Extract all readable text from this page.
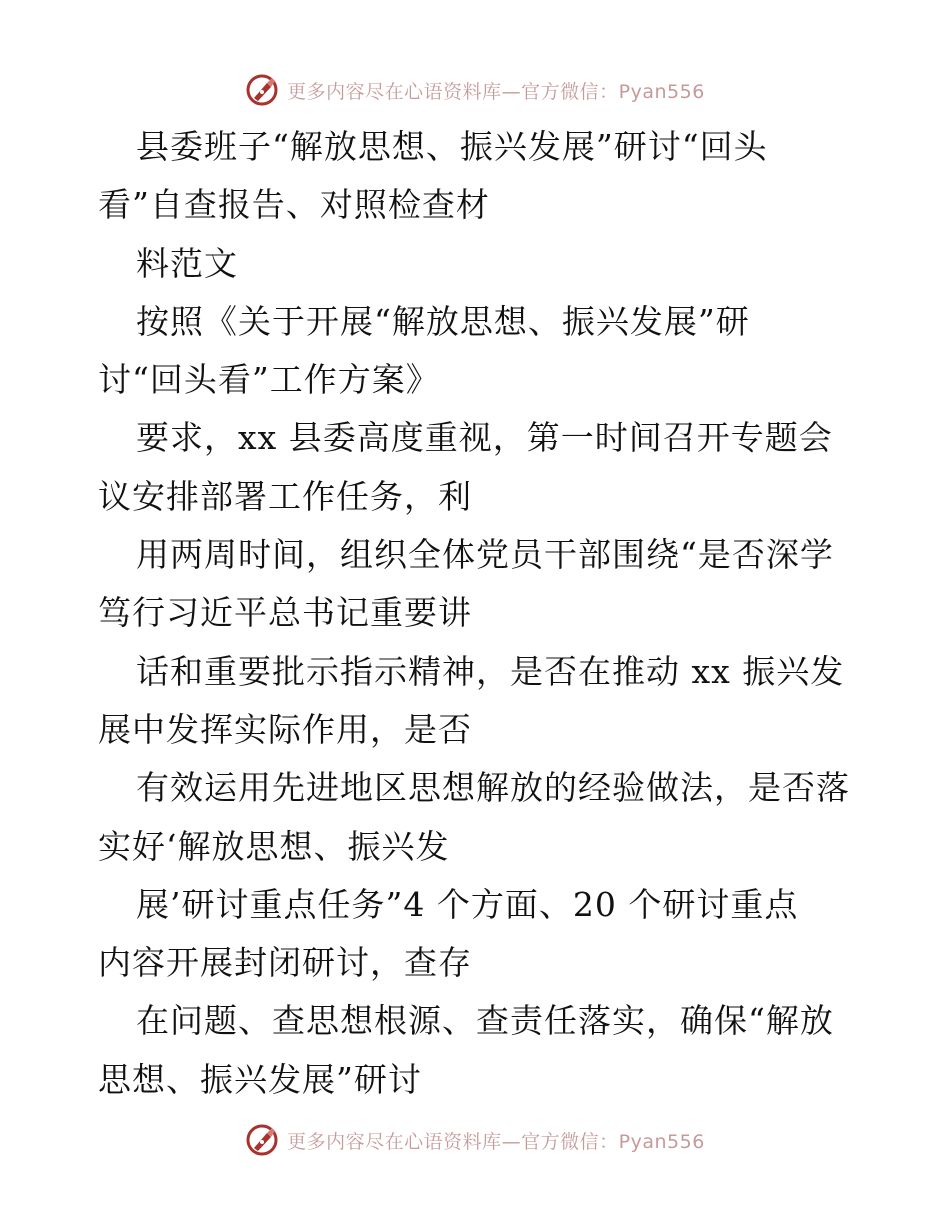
更多内容尽在心语资料库—官方微信：Pyan556
县委班子“解放思想、振兴发展”研讨“回头
看”自查报告、对照检查材
料范文
按照《关于开展“解放思想、振兴发展”研
讨“回头看”工作方案》
要求，xx 县委高度重视，第一时间召开专题会
议安排部署工作任务，利
用两周时间，组织全体党员干部围绕“是否深学
笃行习近平总书记重要讲
话和重要批示指示精神，是否在推动 xx 振兴发
展中发挥实际作用，是否
有效运用先进地区思想解放的经验做法，是否落
实好‘解放思想、振兴发
展’研讨重点任务”4 个方面、20 个研讨重点
内容开展封闭研讨，查存
在问题、查思想根源、查责任落实，确保“解放
思想、振兴发展”研讨
更多内容尽在心语资料库—官方微信：Pyan556
